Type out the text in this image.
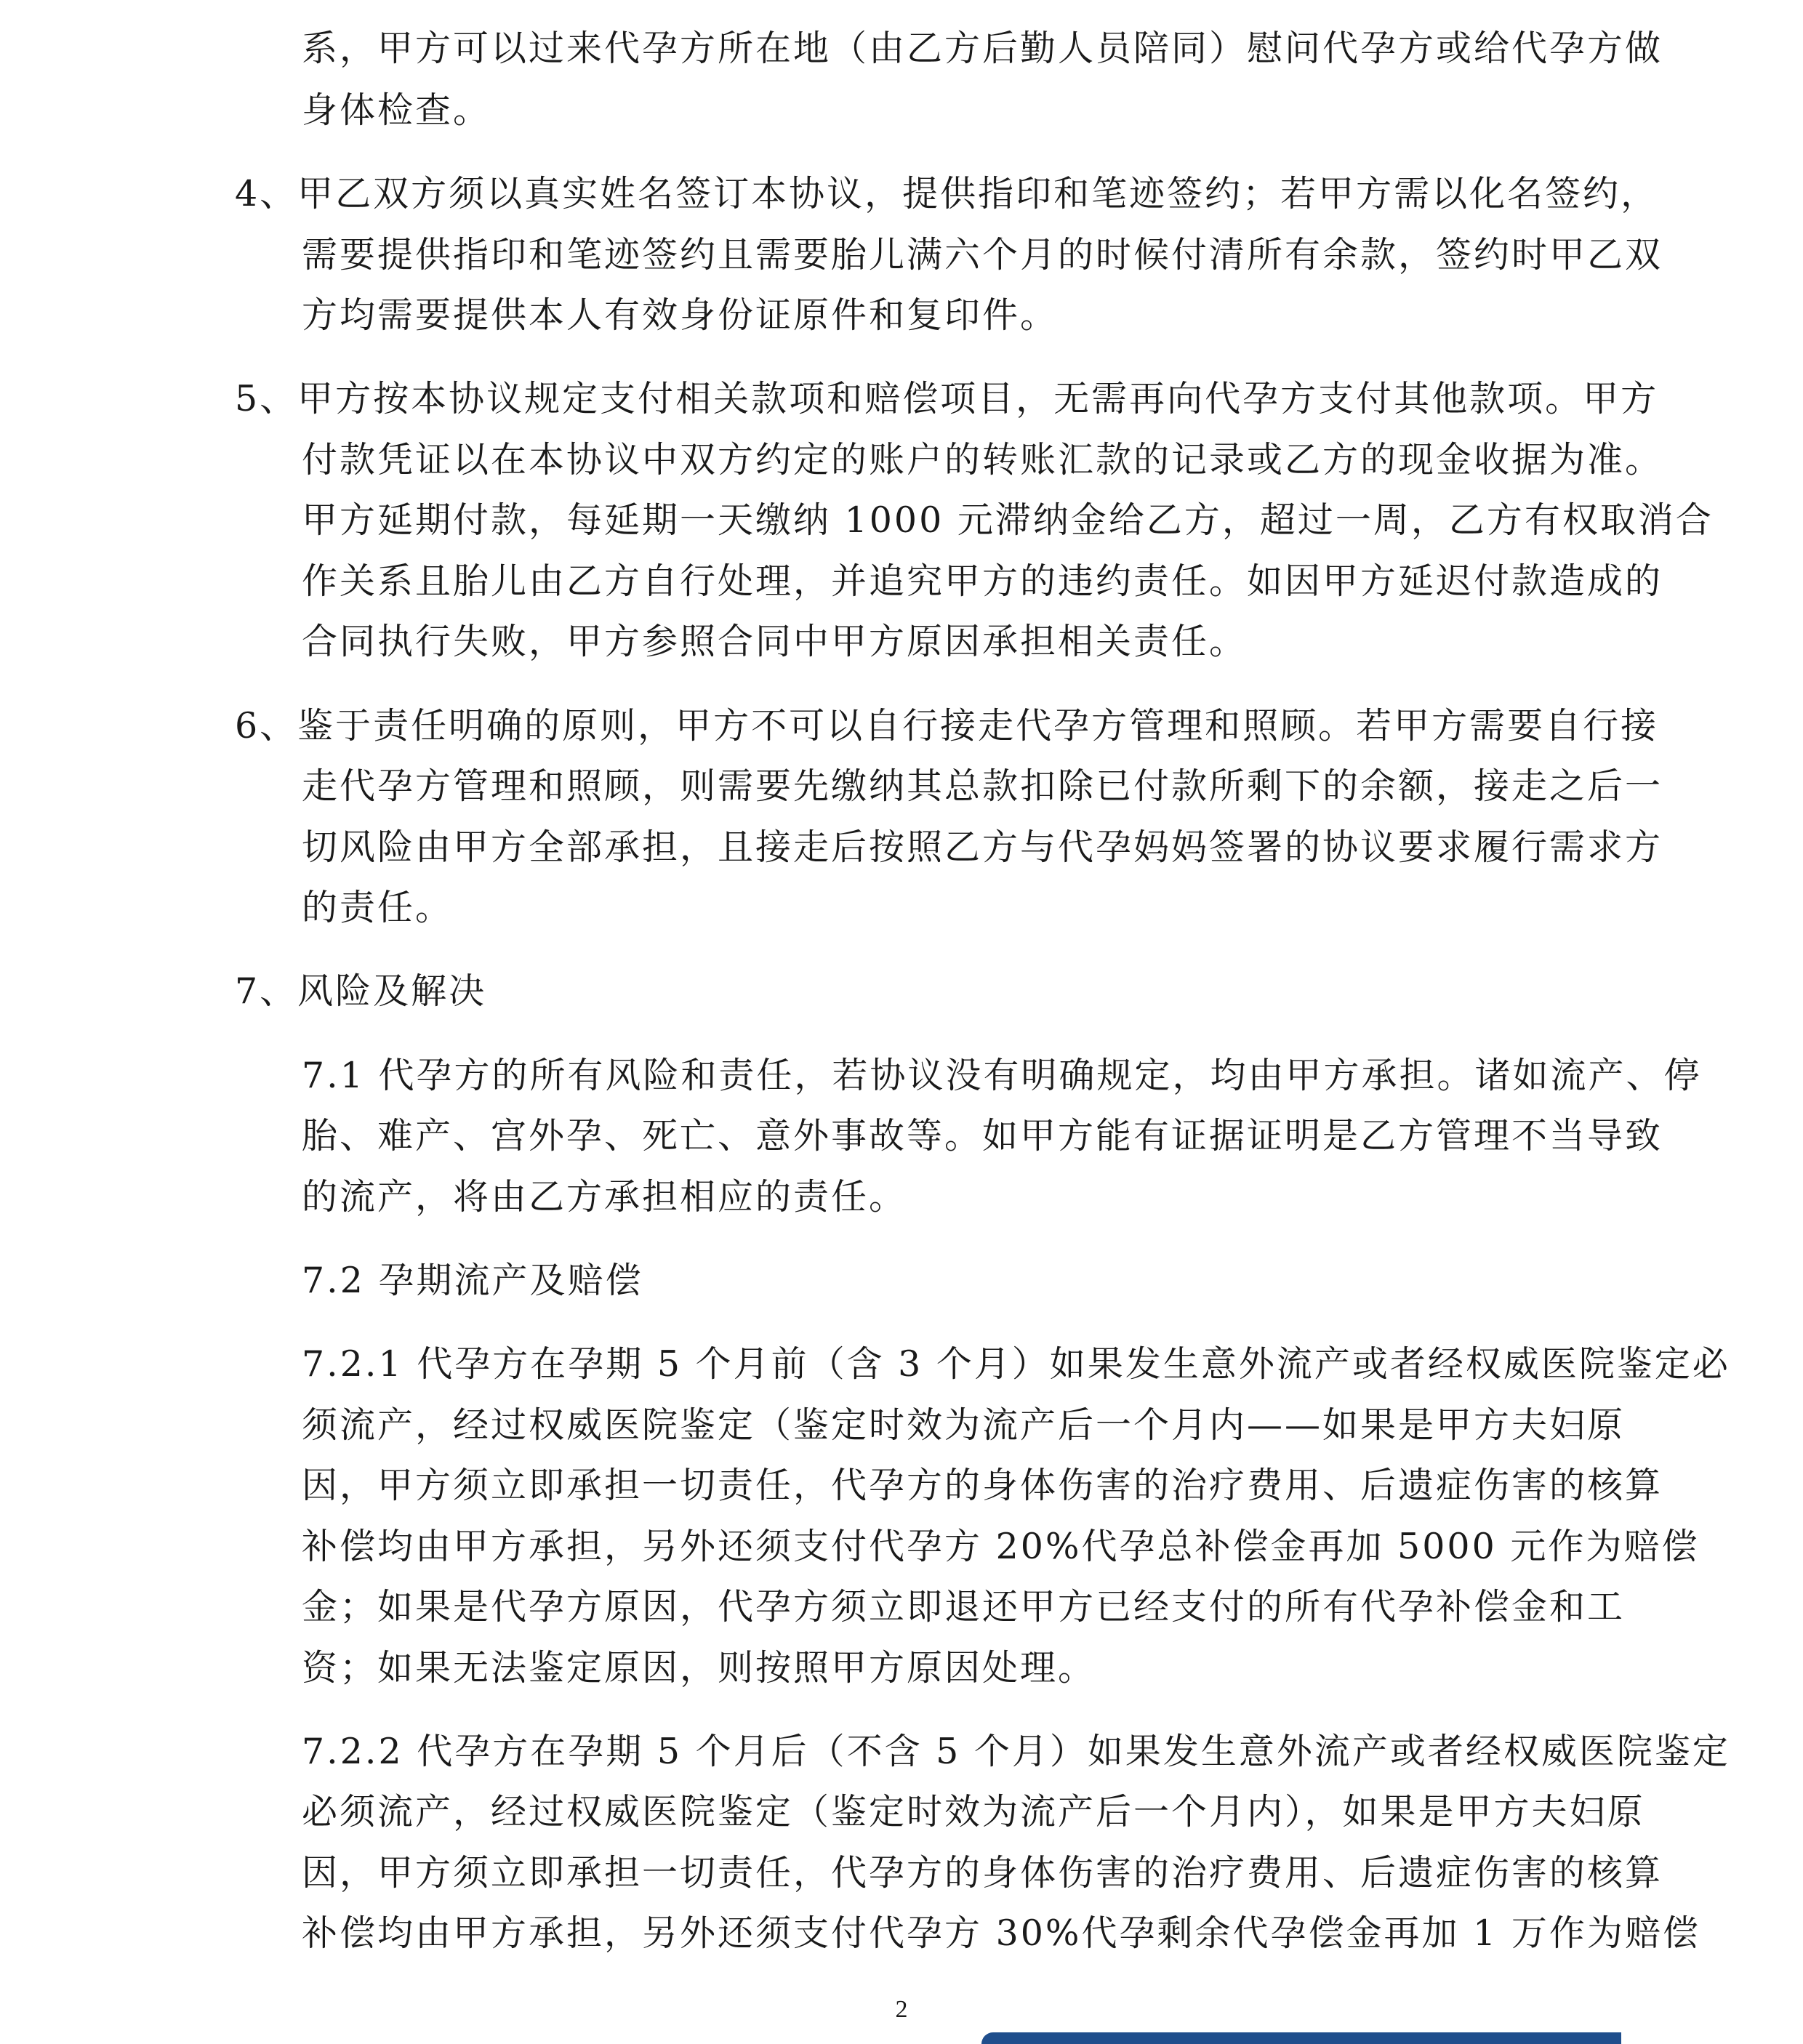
系，甲方可以过来代孕方所在地（由乙方后勤人员陪同）慰问代孕方或给代孕方做
身体检查。
4、甲乙双方须以真实姓名签订本协议，提供指印和笔迹签约；若甲方需以化名签约，
需要提供指印和笔迹签约且需要胎儿满六个月的时候付清所有余款，签约时甲乙双
方均需要提供本人有效身份证原件和复印件。
5、甲方按本协议规定支付相关款项和赔偿项目，无需再向代孕方支付其他款项。甲方
付款凭证以在本协议中双方约定的账户的转账汇款的记录或乙方的现金收据为准。
甲方延期付款，每延期一天缴纳 1000 元滞纳金给乙方，超过一周，乙方有权取消合
作关系且胎儿由乙方自行处理，并追究甲方的违约责任。如因甲方延迟付款造成的
合同执行失败，甲方参照合同中甲方原因承担相关责任。
6、鉴于责任明确的原则，甲方不可以自行接走代孕方管理和照顾。若甲方需要自行接
走代孕方管理和照顾，则需要先缴纳其总款扣除已付款所剩下的余额，接走之后一
切风险由甲方全部承担，且接走后按照乙方与代孕妈妈签署的协议要求履行需求方
的责任。
7、风险及解决
7.1 代孕方的所有风险和责任，若协议没有明确规定，均由甲方承担。诸如流产、停
胎、难产、宫外孕、死亡、意外事故等。如甲方能有证据证明是乙方管理不当导致
的流产，将由乙方承担相应的责任。
7.2 孕期流产及赔偿
7.2.1 代孕方在孕期 5 个月前（含 3 个月）如果发生意外流产或者经权威医院鉴定必
须流产，经过权威医院鉴定（鉴定时效为流产后一个月内——如果是甲方夫妇原
因，甲方须立即承担一切责任，代孕方的身体伤害的治疗费用、后遗症伤害的核算
补偿均由甲方承担，另外还须支付代孕方 20%代孕总补偿金再加 5000 元作为赔偿
金；如果是代孕方原因，代孕方须立即退还甲方已经支付的所有代孕补偿金和工
资；如果无法鉴定原因，则按照甲方原因处理。
7.2.2 代孕方在孕期 5 个月后（不含 5 个月）如果发生意外流产或者经权威医院鉴定
必须流产，经过权威医院鉴定（鉴定时效为流产后一个月内），如果是甲方夫妇原
因，甲方须立即承担一切责任，代孕方的身体伤害的治疗费用、后遗症伤害的核算
补偿均由甲方承担，另外还须支付代孕方 30%代孕剩余代孕偿金再加 1 万作为赔偿
2
